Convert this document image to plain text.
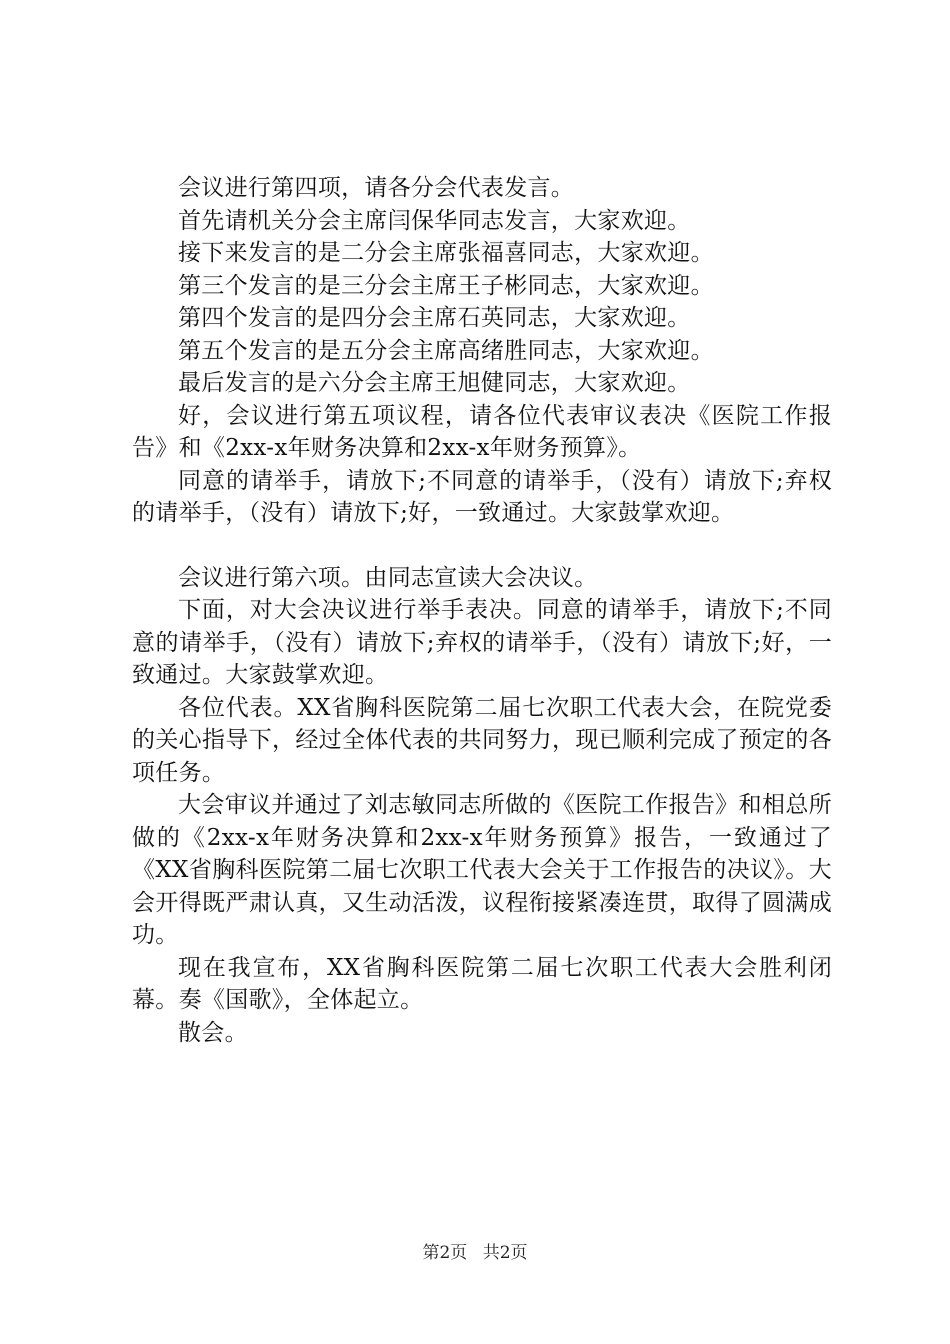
会议进行第四项，请各分会代表发言。

首先请机关分会主席闫保华同志发言，大家欢迎。

接下来发言的是二分会主席张福喜同志，大家欢迎。

第三个发言的是三分会主席王子彬同志，大家欢迎。

第四个发言的是四分会主席石英同志，大家欢迎。

第五个发言的是五分会主席高绪胜同志，大家欢迎。

最后发言的是六分会主席王旭健同志，大家欢迎。

好，会议进行第五项议程，请各位代表审议表决《医院工作报告》和《2xx-x年财务决算和2xx-x年财务预算》。

同意的请举手，请放下;不同意的请举手，（没有）请放下;弃权的请举手，（没有）请放下;好，一致通过。大家鼓掌欢迎。

会议进行第六项。由同志宣读大会决议。

下面，对大会决议进行举手表决。同意的请举手，请放下;不同意的请举手，（没有）请放下;弃权的请举手，（没有）请放下;好，一致通过。大家鼓掌欢迎。

各位代表。XX省胸科医院第二届七次职工代表大会，在院党委的关心指导下，经过全体代表的共同努力，现已顺利完成了预定的各项任务。

大会审议并通过了刘志敏同志所做的《医院工作报告》和相总所做的《2xx-x年财务决算和2xx-x年财务预算》报告，一致通过了《XX省胸科医院第二届七次职工代表大会关于工作报告的决议》。大会开得既严肃认真，又生动活泼，议程衔接紧凑连贯，取得了圆满成功。

现在我宣布，XX省胸科医院第二届七次职工代表大会胜利闭幕。奏《国歌》，全体起立。

散会。

第2页 共2页
